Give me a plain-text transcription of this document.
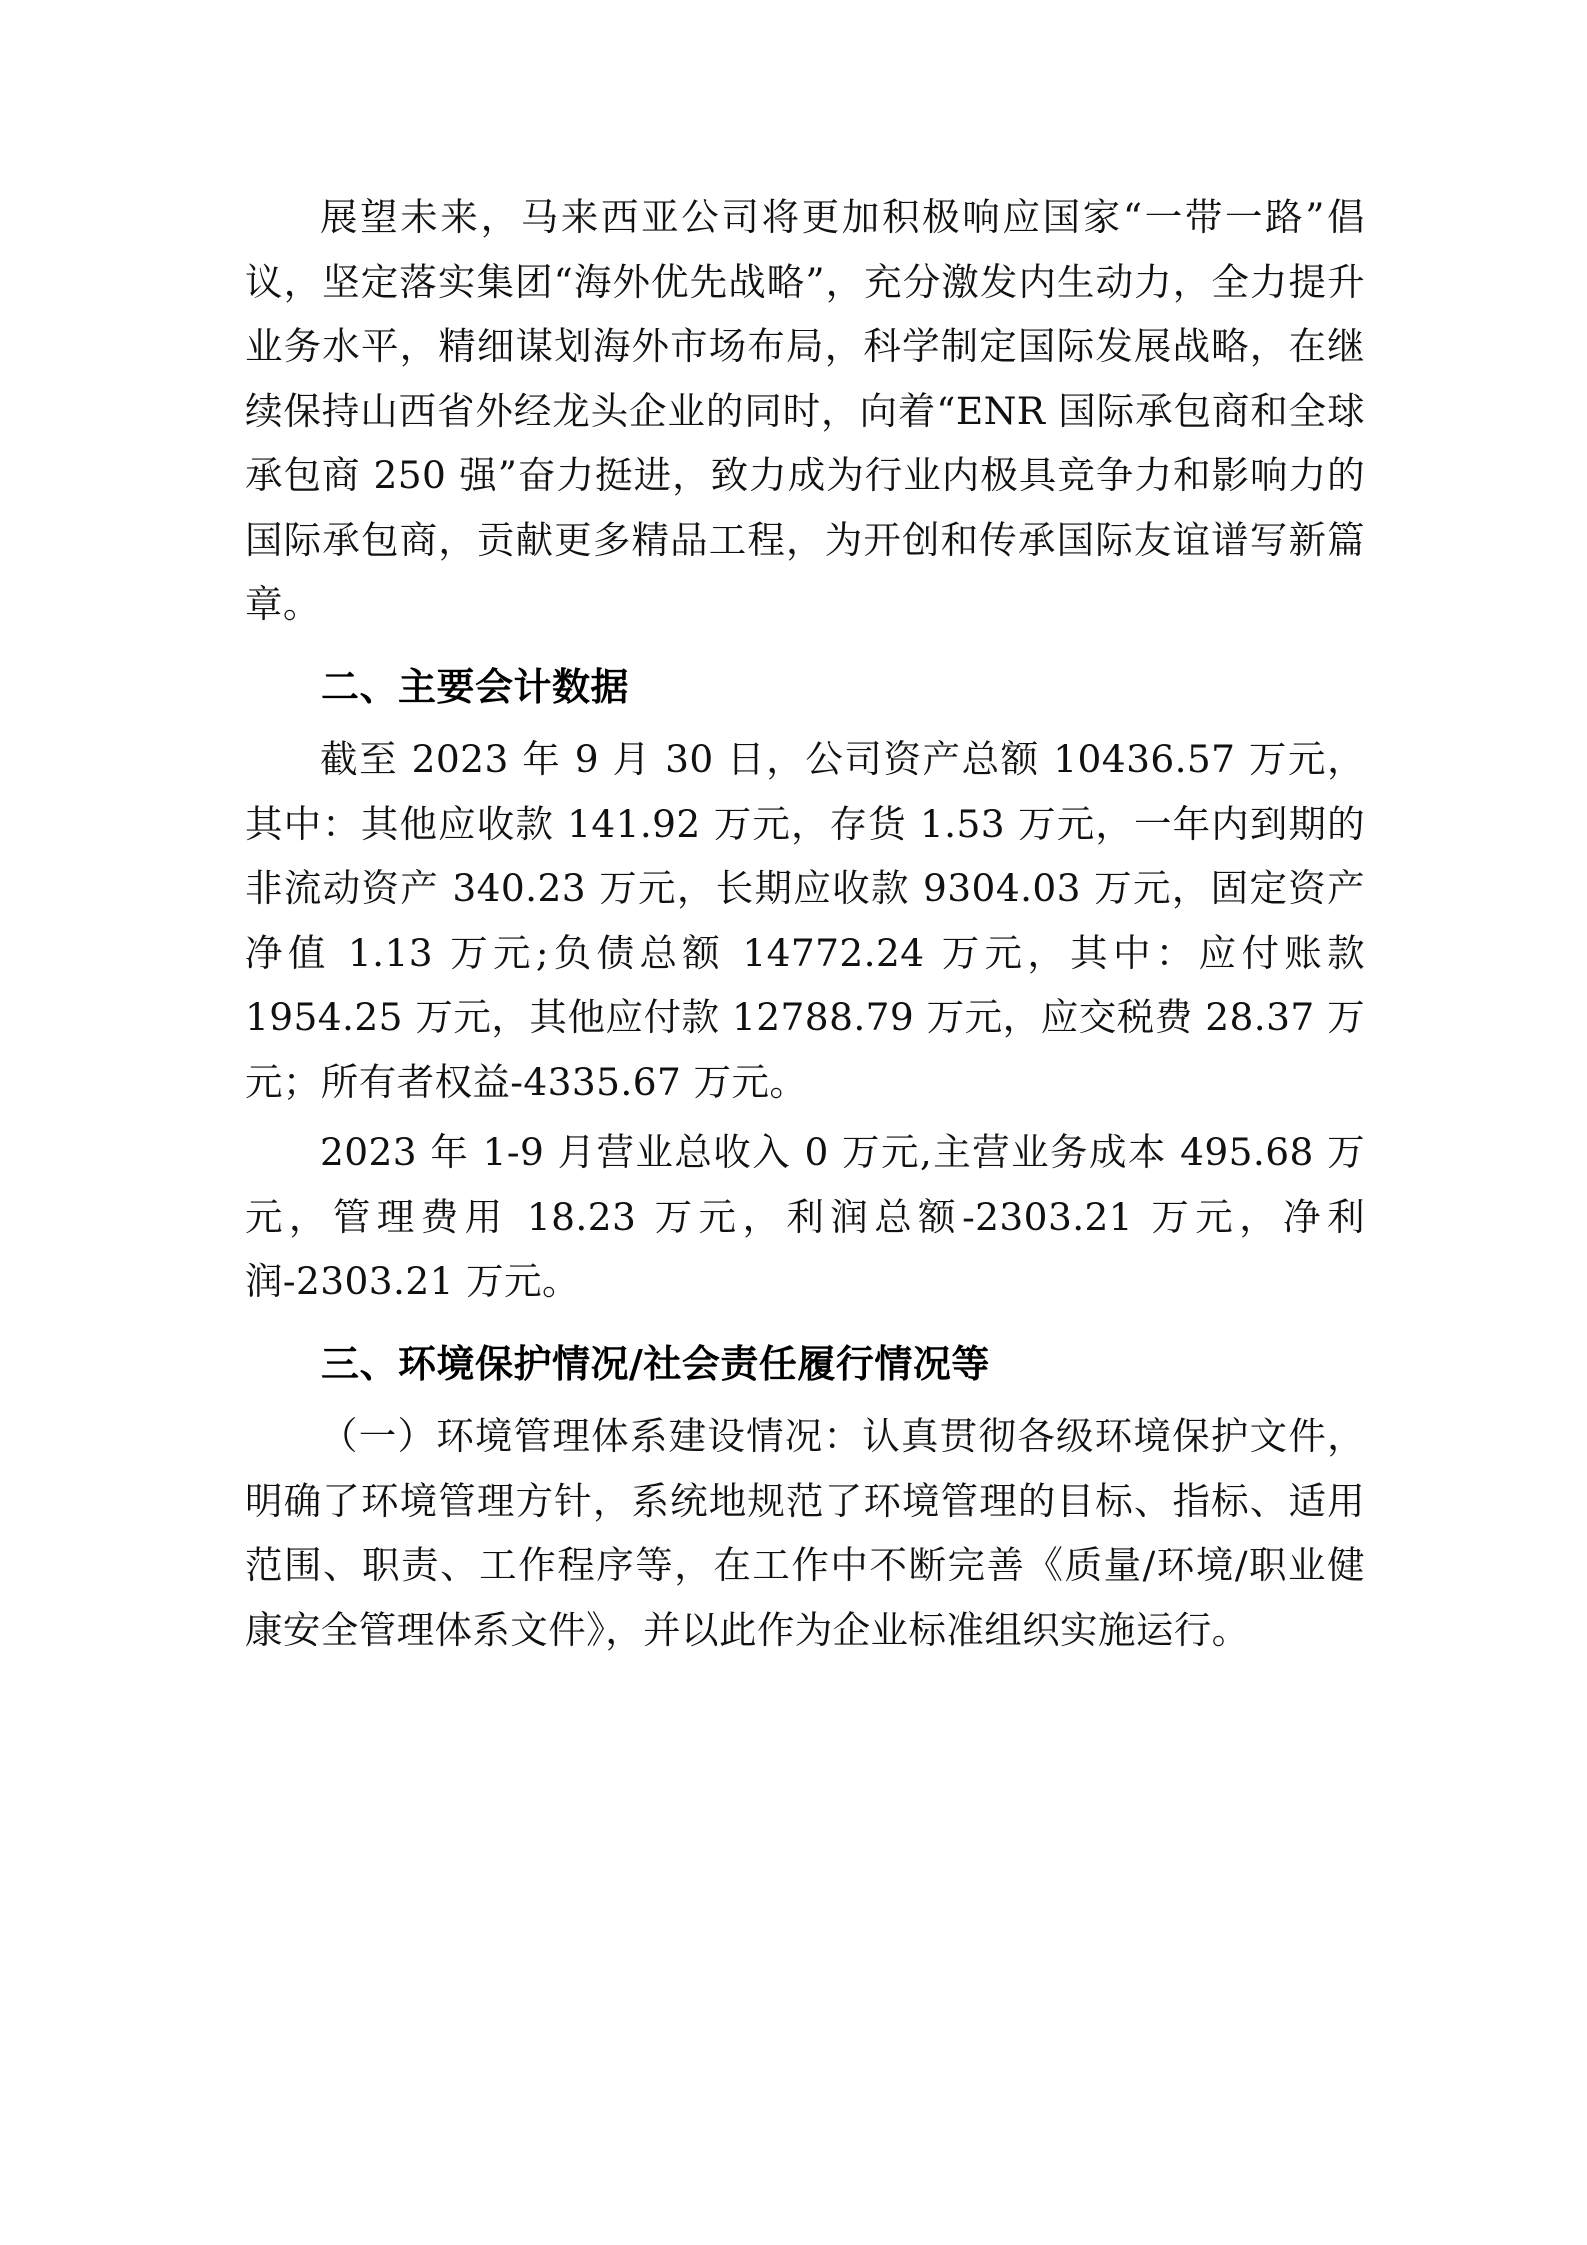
展望未来，马来西亚公司将更加积极响应国家“一带一路”倡议，坚定落实集团“海外优先战略”，充分激发内生动力，全力提升业务水平，精细谋划海外市场布局，科学制定国际发展战略，在继续保持山西省外经龙头企业的同时，向着“ENR 国际承包商和全球承包商 250 强”奋力挺进，致力成为行业内极具竞争力和影响力的国际承包商，贡献更多精品工程，为开创和传承国际友谊谱写新篇章。

二、主要会计数据

截至 2023 年 9 月 30 日，公司资产总额 10436.57 万元，其中：其他应收款 141.92 万元，存货 1.53 万元，一年内到期的非流动资产 340.23 万元，长期应收款 9304.03 万元，固定资产净值 1.13 万元;负债总额 14772.24 万元，其中：应付账款 1954.25 万元，其他应付款 12788.79 万元，应交税费 28.37 万元；所有者权益-4335.67 万元。

2023 年 1-9 月营业总收入 0 万元,主营业务成本 495.68 万元，管理费用 18.23 万元，利润总额-2303.21 万元，净利润-2303.21 万元。

三、环境保护情况/社会责任履行情况等

（一）环境管理体系建设情况：认真贯彻各级环境保护文件，明确了环境管理方针，系统地规范了环境管理的目标、指标、适用范围、职责、工作程序等，在工作中不断完善《质量/环境/职业健康安全管理体系文件》，并以此作为企业标准组织实施运行。
